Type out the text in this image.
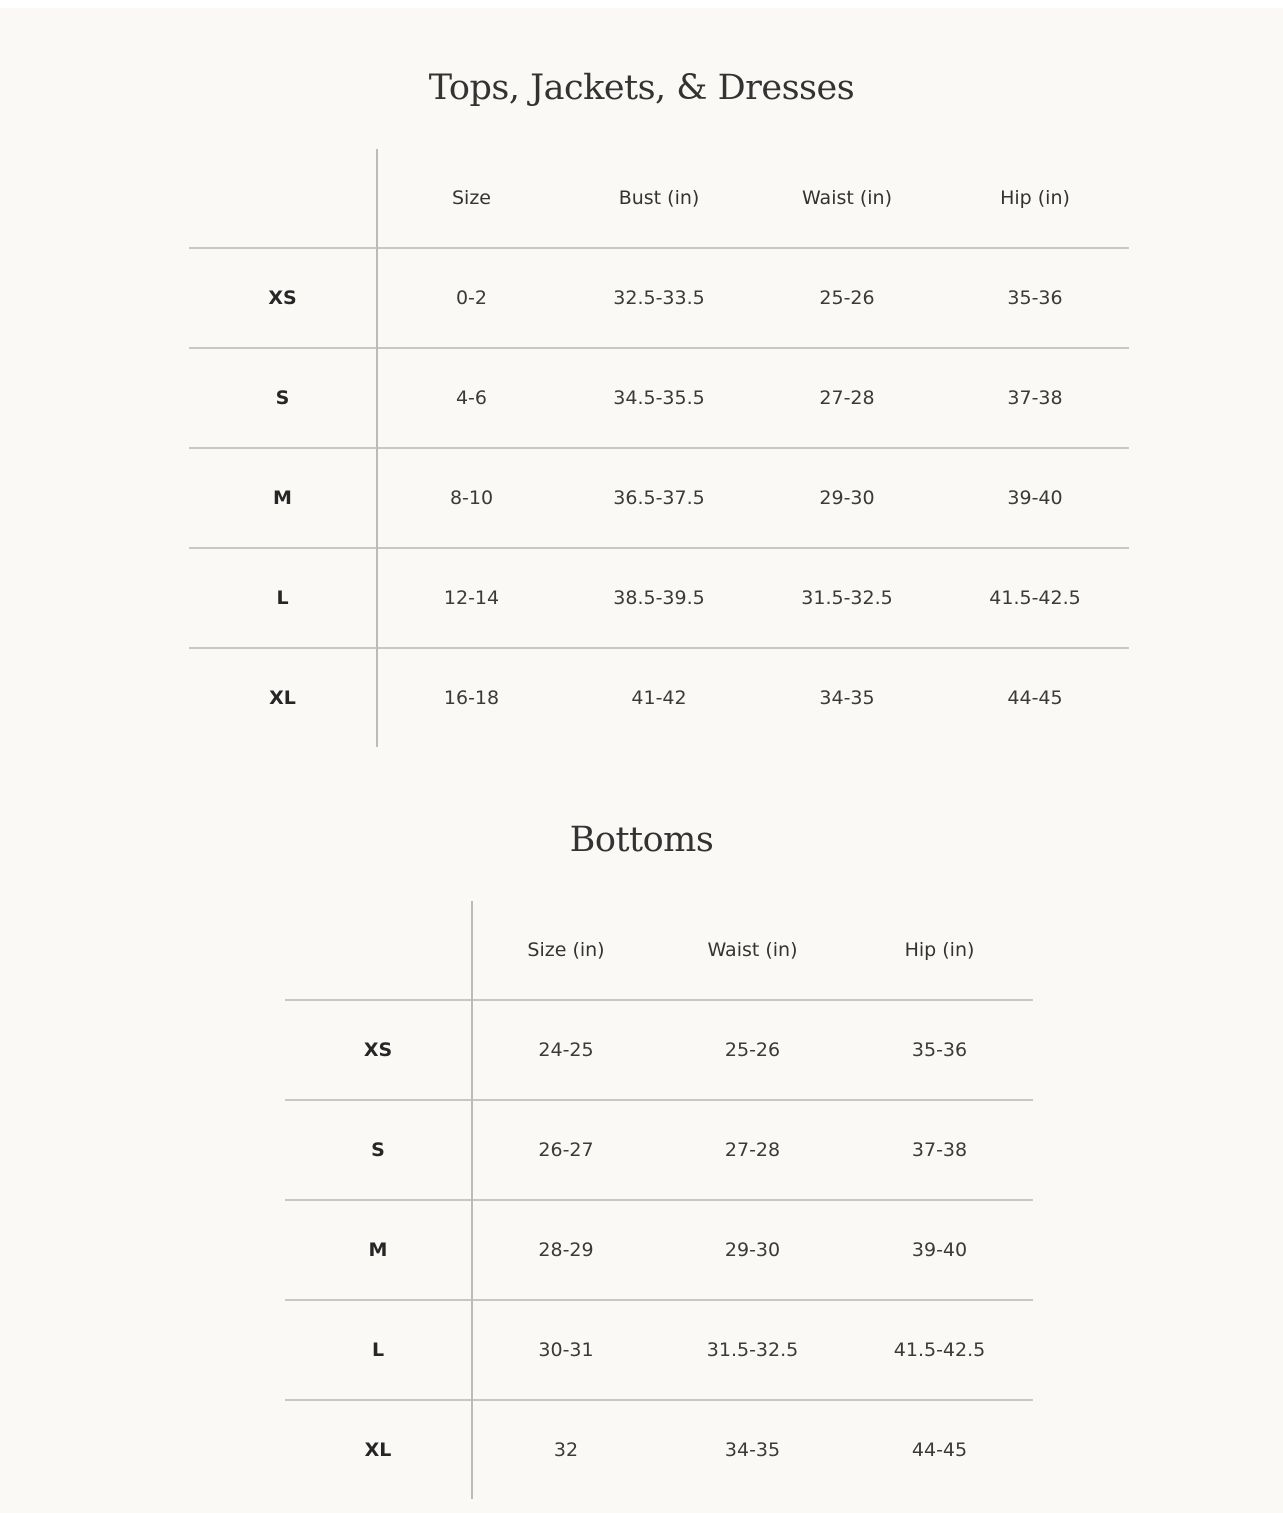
Tops, Jackets, & Dresses
	Size	Bust (in)	Waist (in)	Hip (in)
XS	0-2	32.5-33.5	25-26	35-36
S	4-6	34.5-35.5	27-28	37-38
M	8-10	36.5-37.5	29-30	39-40
L	12-14	38.5-39.5	31.5-32.5	41.5-42.5
XL	16-18	41-42	34-35	44-45
Bottoms
	Size (in)	Waist (in)	Hip (in)
XS	24-25	25-26	35-36
S	26-27	27-28	37-38
M	28-29	29-30	39-40
L	30-31	31.5-32.5	41.5-42.5
XL	32	34-35	44-45
